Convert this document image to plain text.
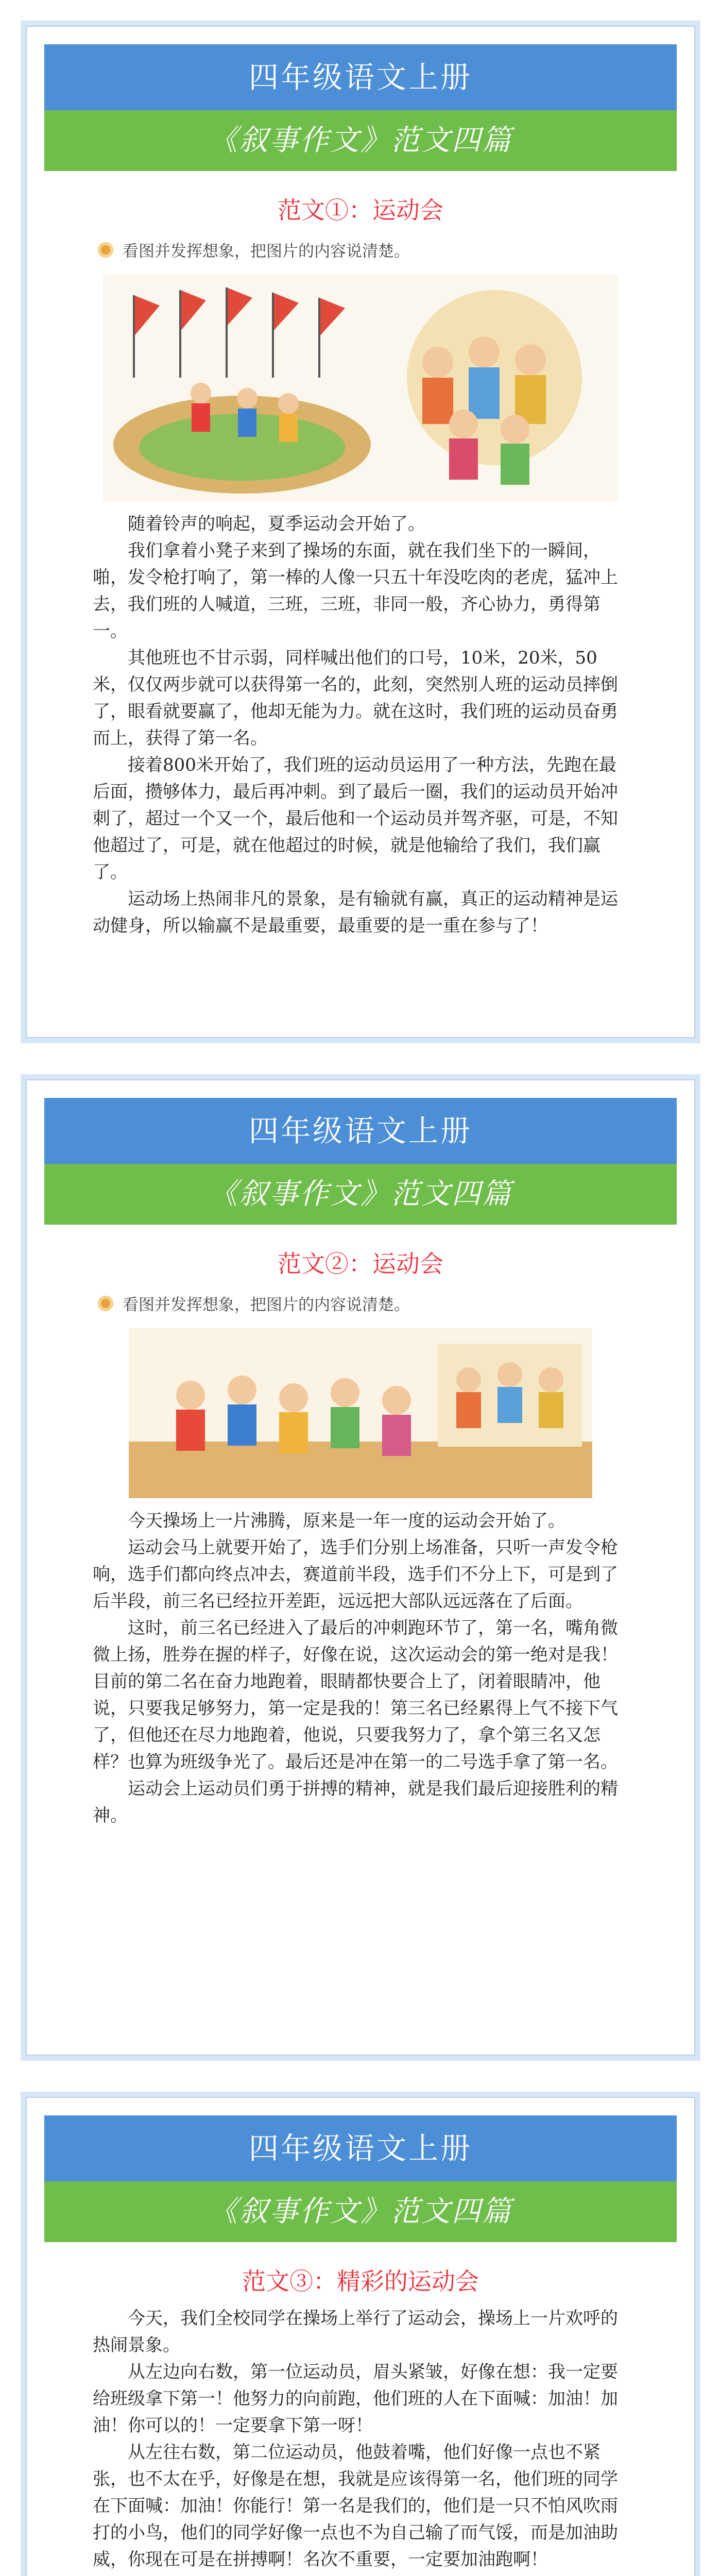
四年级语文上册
《叙事作文》范文四篇
范文①：运动会
看图并发挥想象，把图片的内容说清楚。

随着铃声的响起，夏季运动会开始了。

我们拿着小凳子来到了操场的东面，就在我们坐下的一瞬间，啪，发令枪打响了，第一棒的人像一只五十年没吃肉的老虎，猛冲上去，我们班的人喊道，三班，三班，非同一般，齐心协力，勇得第一。

其他班也不甘示弱，同样喊出他们的口号，10米，20米，50米，仅仅两步就可以获得第一名的，此刻，突然别人班的运动员摔倒了，眼看就要赢了，他却无能为力。就在这时，我们班的运动员奋勇而上，获得了第一名。

接着800米开始了，我们班的运动员运用了一种方法，先跑在最后面，攒够体力，最后再冲刺。到了最后一圈，我们的运动员开始冲刺了，超过一个又一个，最后他和一个运动员并驾齐驱，可是，不知他超过了，可是，就在他超过的时候，就是他输给了我们，我们赢了。

运动场上热闹非凡的景象，是有输就有赢，真正的运动精神是运动健身，所以输赢不是最重要，最重要的是一重在参与了！

四年级语文上册
《叙事作文》范文四篇
范文②：运动会
看图并发挥想象，把图片的内容说清楚。

今天操场上一片沸腾，原来是一年一度的运动会开始了。

运动会马上就要开始了，选手们分别上场准备，只听一声发令枪响，选手们都向终点冲去，赛道前半段，选手们不分上下，可是到了后半段，前三名已经拉开差距，远远把大部队远远落在了后面。

这时，前三名已经进入了最后的冲刺跑环节了，第一名，嘴角微微上扬，胜券在握的样子，好像在说，这次运动会的第一绝对是我！目前的第二名在奋力地跑着，眼睛都快要合上了，闭着眼睛冲，他说，只要我足够努力，第一定是我的！第三名已经累得上气不接下气了，但他还在尽力地跑着，他说，只要我努力了，拿个第三名又怎样？也算为班级争光了。最后还是冲在第一的二号选手拿了第一名。

运动会上运动员们勇于拼搏的精神，就是我们最后迎接胜利的精神。

四年级语文上册
《叙事作文》范文四篇
范文③：精彩的运动会

今天，我们全校同学在操场上举行了运动会，操场上一片欢呼的热闹景象。

从左边向右数，第一位运动员，眉头紧皱，好像在想：我一定要给班级拿下第一！他努力的向前跑，他们班的人在下面喊：加油！加油！你可以的！一定要拿下第一呀！

从左往右数，第二位运动员，他鼓着嘴，他们好像一点也不紧张，也不太在乎，好像是在想，我就是应该得第一名，他们班的同学在下面喊：加油！你能行！第一名是我们的，他们是一只不怕风吹雨打的小鸟，他们的同学好像一点也不为自己输了而气馁，而是加油助威，你现在可是在拼搏啊！名次不重要，一定要加油跑啊！
